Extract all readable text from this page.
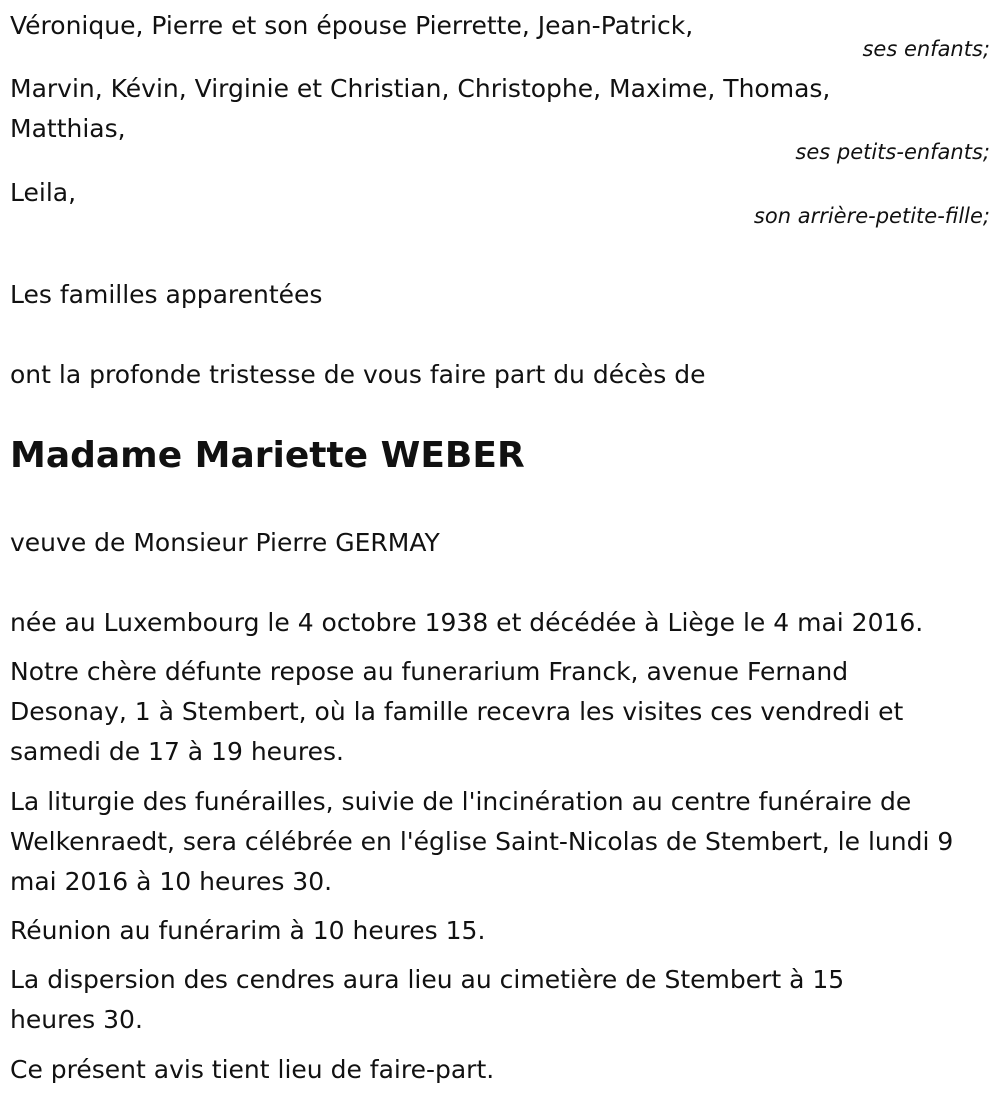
Véronique, Pierre et son épouse Pierrette, Jean-Patrick,

ses enfants;

Marvin, Kévin, Virginie et Christian, Christophe, Maxime, Thomas, Matthias,

ses petits-enfants;

Leila,

son arrière-petite-fille;

Les familles apparentées

ont la profonde tristesse de vous faire part du décès de

Madame Mariette WEBER

veuve de Monsieur Pierre GERMAY

née au Luxembourg le 4 octobre 1938 et décédée à Liège le 4 mai 2016.

Notre chère défunte repose au funerarium Franck, avenue Fernand Desonay, 1 à Stembert, où la famille recevra les visites ces vendredi et samedi de 17 à 19 heures.

La liturgie des funérailles, suivie de l'incinération au centre funéraire de Welkenraedt, sera célébrée en l'église Saint-Nicolas de Stembert, le lundi 9 mai 2016 à 10 heures 30.

Réunion au funérarim à 10 heures 15.

La dispersion des cendres aura lieu au cimetière de Stembert à 15 heures 30.

Ce présent avis tient lieu de faire-part.
